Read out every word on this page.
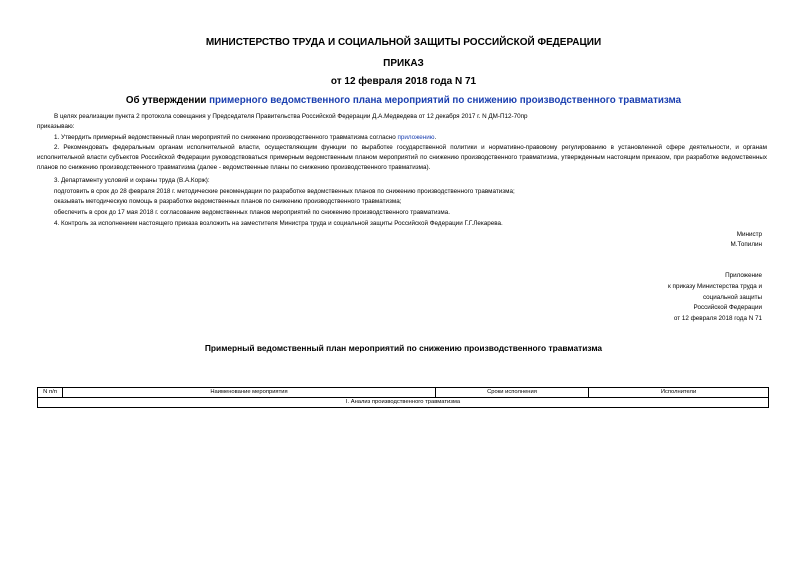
МИНИСТЕРСТВО ТРУДА И СОЦИАЛЬНОЙ ЗАЩИТЫ РОССИЙСКОЙ ФЕДЕРАЦИИ
ПРИКАЗ
от 12 февраля 2018 года N 71
Об утверждении примерного ведомственного плана мероприятий по снижению производственного травматизма
В целях реализации пункта 2 протокола совещания у Председателя Правительства Российской Федерации Д.А.Медведева от 12 декабря 2017 г. N ДМ-П12-70пр
приказываю:
1. Утвердить примерный ведомственный план мероприятий по снижению производственного травматизма согласно приложению.
2. Рекомендовать федеральным органам исполнительной власти, осуществляющим функции по выработке государственной политики и нормативно-правовому регулированию в установленной сфере деятельности, и органам исполнительной власти субъектов Российской Федерации руководствоваться примерным ведомственным планом мероприятий по снижению производственного травматизма, утвержденным настоящим приказом, при разработке ведомственных планов по снижению производственного травматизма (далее - ведомственные планы по снижению производственного травматизма).
3. Департаменту условий и охраны труда (В.А.Корж):
подготовить в срок до 28 февраля 2018 г. методические рекомендации по разработке ведомственных планов по снижению производственного травматизма;
оказывать методическую помощь в разработке ведомственных планов по снижению производственного травматизма;
обеспечить в срок до 17 мая 2018 г. согласование ведомственных планов мероприятий по снижению производственного травматизма.
4. Контроль за исполнением настоящего приказа возложить на заместителя Министра труда и социальной защиты Российской Федерации Г.Г.Лекарева.
Министр
М.Топилин
Приложение
к приказу Министерства труда и
социальной защиты
Российской Федерации
от 12 февраля 2018 года N 71
Примерный ведомственный план мероприятий по снижению производственного травматизма
N п/п	Наименование мероприятия	Сроки исполнения	Исполнители
I. Анализ производственного травматизма
